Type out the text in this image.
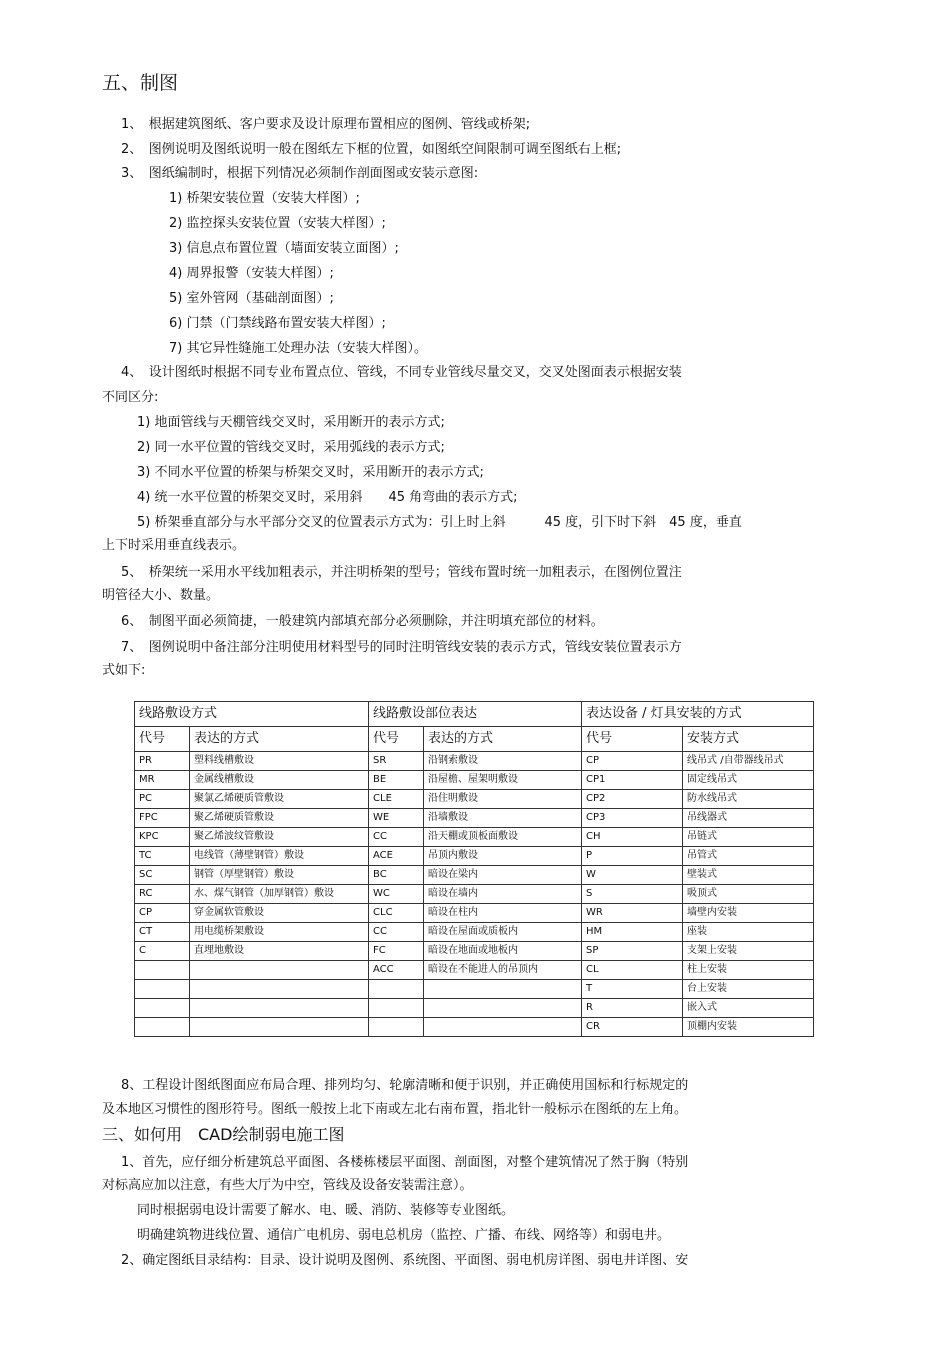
五、制图
1、　根据建筑图纸、客户要求及设计原理布置相应的图例、管线或桥架;
2、　图例说明及图纸说明一般在图纸左下框的位置，如图纸空间限制可调至图纸右上框;
3、　图纸编制时，根据下列情况必须制作剖面图或安装示意图:
1) 桥架安装位置（安装大样图）;
2) 监控探头安装位置（安装大样图）;
3) 信息点布置位置（墙面安装立面图）;
4) 周界报警（安装大样图）;
5) 室外管网（基础剖面图）;
6) 门禁（门禁线路布置安装大样图）;
7) 其它异性缝施工处理办法（安装大样图）。
4、　设计图纸时根据不同专业布置点位、管线，不同专业管线尽量交叉，交叉处图面表示根据安装
不同区分:
1) 地面管线与天棚管线交叉时，采用断开的表示方式;
2) 同一水平位置的管线交叉时，采用弧线的表示方式;
3) 不同水平位置的桥架与桥架交叉时，采用断开的表示方式;
4) 统一水平位置的桥架交叉时，采用斜　　45 角弯曲的表示方式;
5) 桥架垂直部分与水平部分交叉的位置表示方式为：引上时上斜　　　45 度，引下时下斜　45 度，垂直
上下时采用垂直线表示。
5、　桥架统一采用水平线加粗表示，并注明桥架的型号；管线布置时统一加粗表示，在图例位置注
明管径大小、数量。
6、　制图平面必须简捷，一般建筑内部填充部分必须删除，并注明填充部位的材料。
7、　图例说明中备注部分注明使用材料型号的同时注明管线安装的表示方式，管线安装位置表示方
式如下:
线路敷设方式		线路敷设部位表达		表达设备 / 灯具安装的方式	
代号	表达的方式	代号	表达的方式	代号	安装方式
PR	塑料线槽敷设	SR	沿钢索敷设	CP	线吊式 /自带器线吊式
MR	金属线槽敷设	BE	沿屋檐、屋架明敷设	CP1	固定线吊式
PC	聚氯乙烯硬质管敷设	CLE	沿住明敷设	CP2	防水线吊式
FPC	聚乙烯硬质管敷设	WE	沿墙敷设	CP3	吊线器式
KPC	聚乙烯波纹管敷设	CC	沿天棚或顶板面敷设	CH	吊链式
TC	电线管（薄壁钢管）敷设	ACE	吊顶内敷设	P	吊管式
SC	钢管（厚壁钢管）敷设	BC	暗设在梁内	W	壁装式
RC	水、煤气钢管（加厚钢管）敷设	WC	暗设在墙内	S	吸顶式
CP	穿金属软管敷设	CLC	暗设在柱内	WR	墙壁内安装
CT	用电缆桥架敷设	CC	暗设在屋面或质板内	HM	座装
C	直埋地敷设	FC	暗设在地面或地板内	SP	支架上安装
		ACC	暗设在不能进人的吊顶内	CL	柱上安装
				T	台上安装
				R	嵌入式
				CR	顶棚内安装
8、工程设计图纸图面应布局合理、排列均匀、轮廓清晰和便于识别，并正确使用国标和行标规定的
及本地区习惯性的图形符号。图纸一般按上北下南或左北右南布置，指北针一般标示在图纸的左上角。
三、如何用　CAD绘制弱电施工图
1、首先，应仔细分析建筑总平面图、各楼栋楼层平面图、剖面图，对整个建筑情况了然于胸（特别
对标高应加以注意，有些大厅为中空，管线及设备安装需注意）。
同时根据弱电设计需要了解水、电、暖、消防、装修等专业图纸。
明确建筑物进线位置、通信广电机房、弱电总机房（监控、广播、布线、网络等）和弱电井。
2、确定图纸目录结构：目录、设计说明及图例、系统图、平面图、弱电机房详图、弱电井详图、安
